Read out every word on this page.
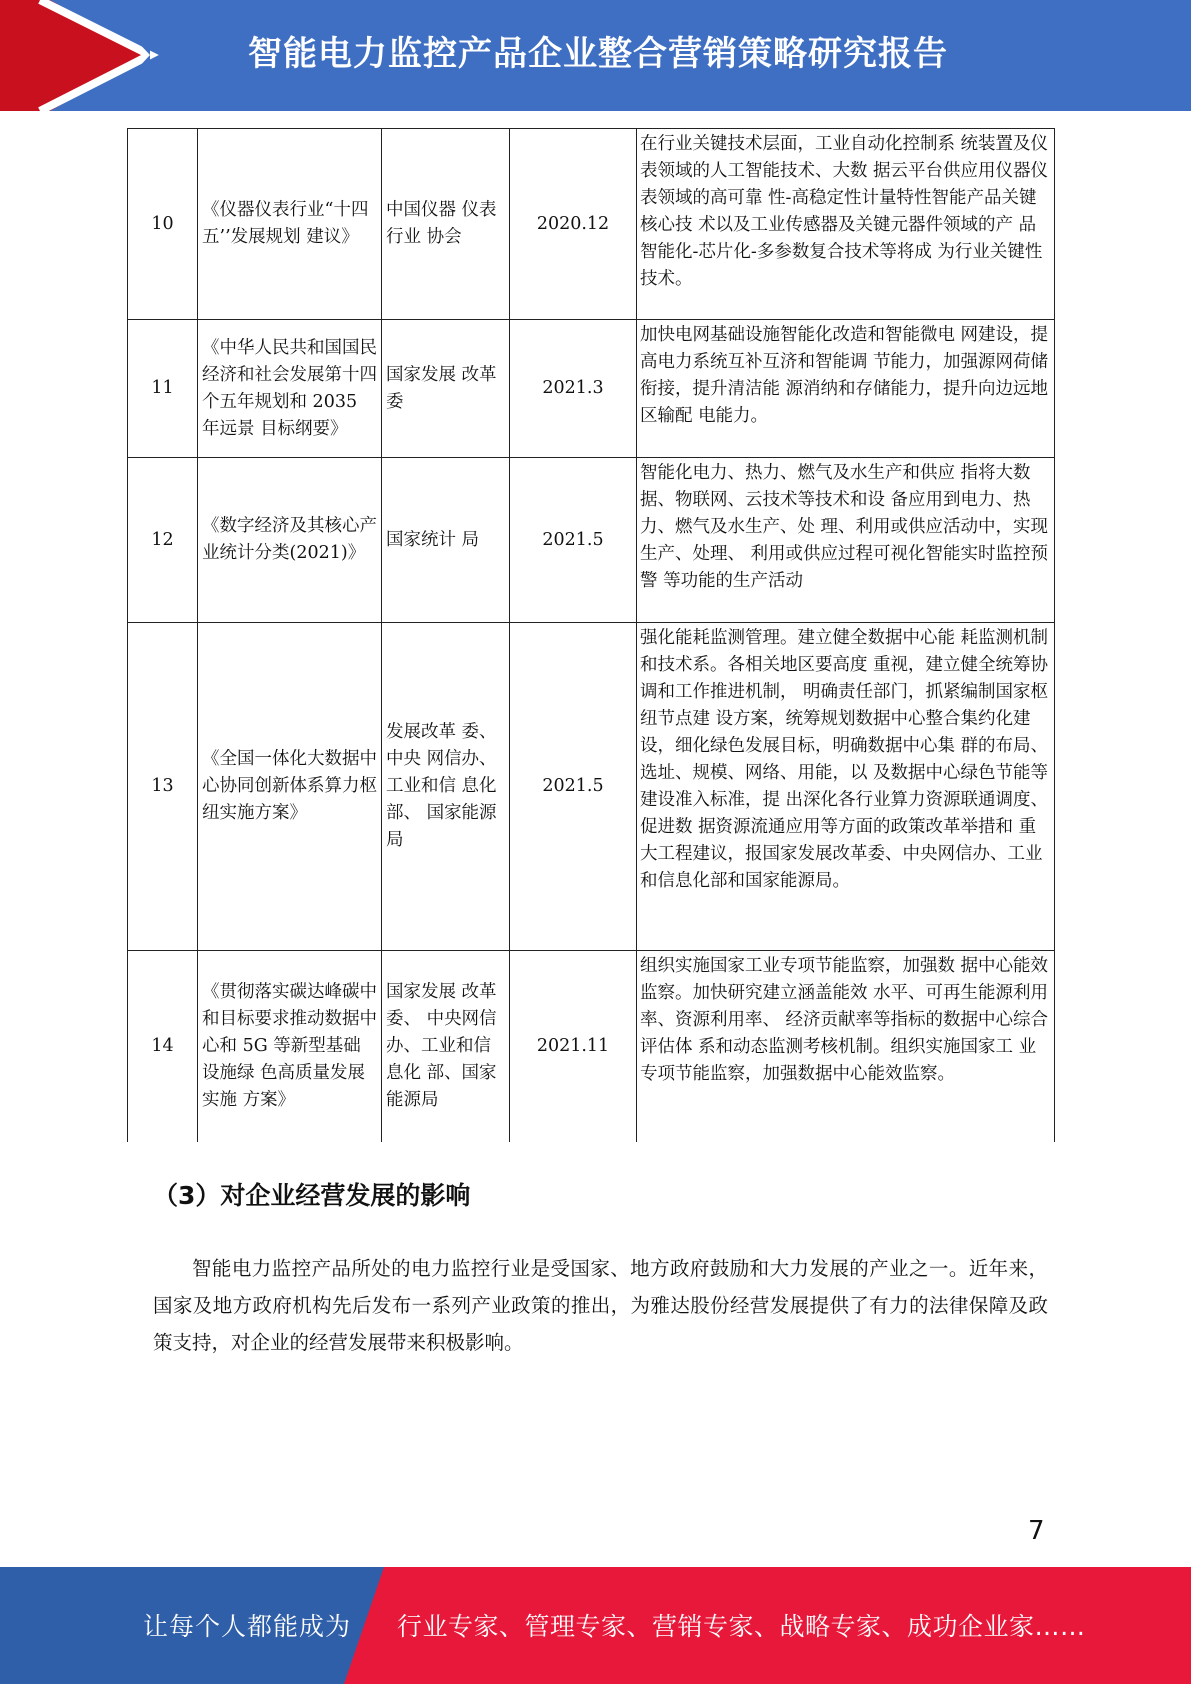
智能电力监控产品企业整合营销策略研究报告
10	《仪器仪表行业“十四五’’发展规划 建议》	中国仪器 仪表行业 协会	2020.12	在行业关键技术层面，工业自动化控制系 统装置及仪表领域的人工智能技术、大数 据云平台供应用仪器仪表领域的高可靠 性-高稳定性计量特性智能产品关键核心技 术以及工业传感器及关键元器件领域的产 品智能化-芯片化-多参数复合技术等将成 为行业关键性技术。
11	《中华人民共和国国民经济和社会发展第十四个五年规划和 2035 年远景 目标纲要》	国家发展 改革委	2021.3	加快电网基础设施智能化改造和智能微电 网建设，提高电力系统互补互济和智能调 节能力，加强源网荷储衔接，提升清洁能 源消纳和存储能力，提升向边远地区输配 电能力。
12	《数字经济及其核心产业统计分类(2021)》	国家统计 局	2021.5	智能化电力、热力、燃气及水生产和供应 指将大数据、物联网、云技术等技术和设 备应用到电力、热力、燃气及水生产、处 理、利用或供应活动中，实现生产、处理、 利用或供应过程可视化智能实时监控预警 等功能的生产活动
13	《全国一体化大数据中心协同创新体系算力枢纽实施方案》	发展改革 委、中央 网信办、工业和信 息化部、 国家能源 局	2021.5	强化能耗监测管理。建立健全数据中心能 耗监测机制和技术系。各相关地区要高度 重视，建立健全统筹协调和工作推进机制， 明确责任部门，抓紧编制国家枢纽节点建 设方案，统筹规划数据中心整合集约化建 设，细化绿色发展目标，明确数据中心集 群的布局、选址、规模、网络、用能，以 及数据中心绿色节能等建设准入标准，提 出深化各行业算力资源联通调度、促进数 据资源流通应用等方面的政策改革举措和 重大工程建议，报国家发展改革委、中央网信办、工业和信息化部和国家能源局。
14	《贯彻落实碳达峰碳中和目标要求推动数据中心和 5G 等新型基础设施绿 色高质量发展实施 方案》	国家发展 改革委、 中央网信 办、工业和信息化 部、国家 能源局	2021.11	组织实施国家工业专项节能监察，加强数 据中心能效监察。加快研究建立涵盖能效 水平、可再生能源利用率、资源利用率、 经济贡献率等指标的数据中心综合评估体 系和动态监测考核机制。组织实施国家工 业专项节能监察，加强数据中心能效监察。
（3）对企业经营发展的影响
智能电力监控产品所处的电力监控行业是受国家、地方政府鼓励和大力发展的产业之一。近年来，国家及地方政府机构先后发布一系列产业政策的推出，为雅达股份经营发展提供了有力的法律保障及政策支持，对企业的经营发展带来积极影响。
7
让每个人都能成为 行业专家、管理专家、营销专家、战略专家、成功企业家……
